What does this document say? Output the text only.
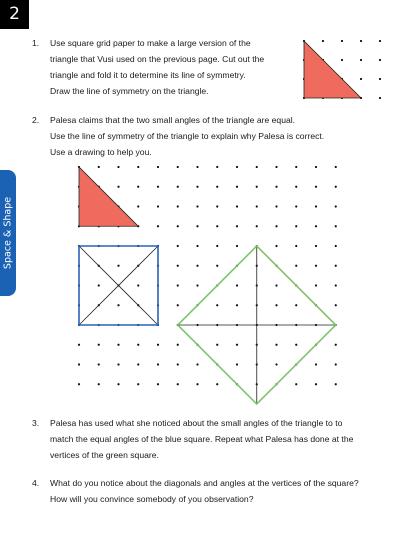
2
Space & Shape
1. Use square grid paper to make a large version of the

triangle that Vusi used on the previous page. Cut out the

triangle and fold it to determine its line of symmetry.

Draw the line of symmetry on the triangle.

2. Palesa claims that the two small angles of the triangle are equal.

Use the line of symmetry of the triangle to explain why Palesa is correct.

Use a drawing to help you.

3. Palesa has used what she noticed about the small angles of the triangle to to

match the equal angles of the blue square. Repeat what Palesa has done at the

vertices of the green square.

4. What do you notice about the diagonals and angles at the vertices of the square?

How will you convince somebody of you observation?
